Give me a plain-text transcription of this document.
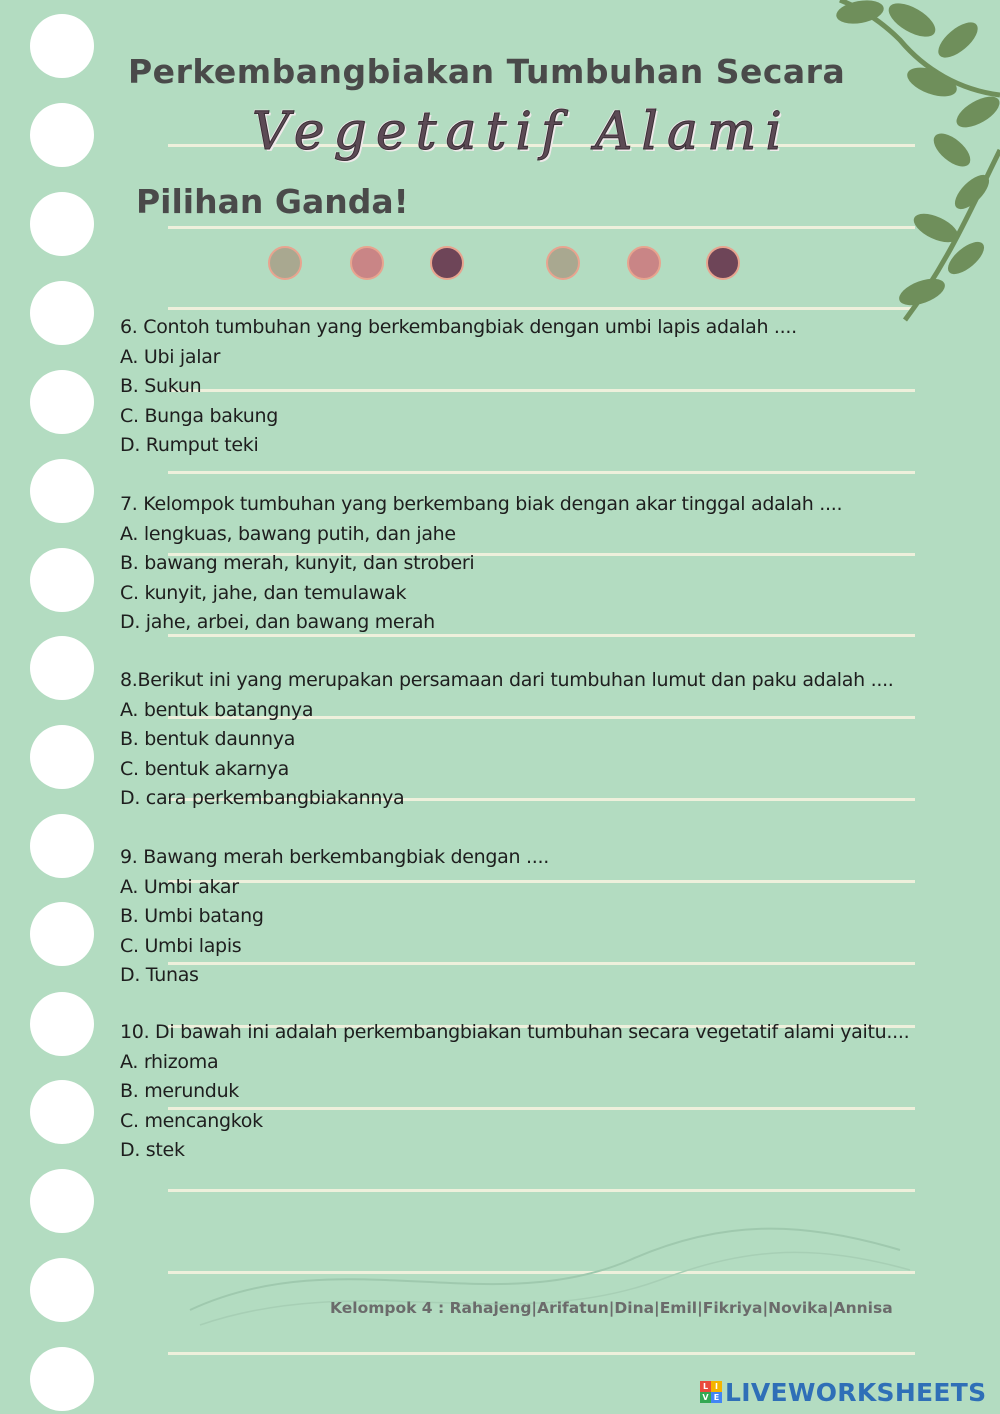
Perkembangbiakan Tumbuhan Secara
Vegetatif Alami
Pilihan Ganda!
6. Contoh tumbuhan yang berkembangbiak dengan umbi lapis adalah ....
A. Ubi jalar
B. Sukun
C. Bunga bakung
D. Rumput teki
7. Kelompok tumbuhan yang berkembang biak dengan akar tinggal adalah ....
A. lengkuas, bawang putih, dan jahe
B. bawang merah, kunyit, dan stroberi
C. kunyit, jahe, dan temulawak
D. jahe, arbei, dan bawang merah
8.Berikut ini yang merupakan persamaan dari tumbuhan lumut dan paku adalah ....
A. bentuk batangnya
B. bentuk daunnya
C. bentuk akarnya
D. cara perkembangbiakannya
9. Bawang merah berkembangbiak dengan ....
A. Umbi akar
B. Umbi batang
C. Umbi lapis
D. Tunas
10. Di bawah ini adalah perkembangbiakan tumbuhan secara vegetatif alami yaitu....
A. rhizoma
B. merunduk
C. mencangkok
D. stek
Kelompok 4 : Rahajeng|Arifatun|Dina|Emil|Fikriya|Novika|Annisa
L I
V E LIVEWORKSHEETS
